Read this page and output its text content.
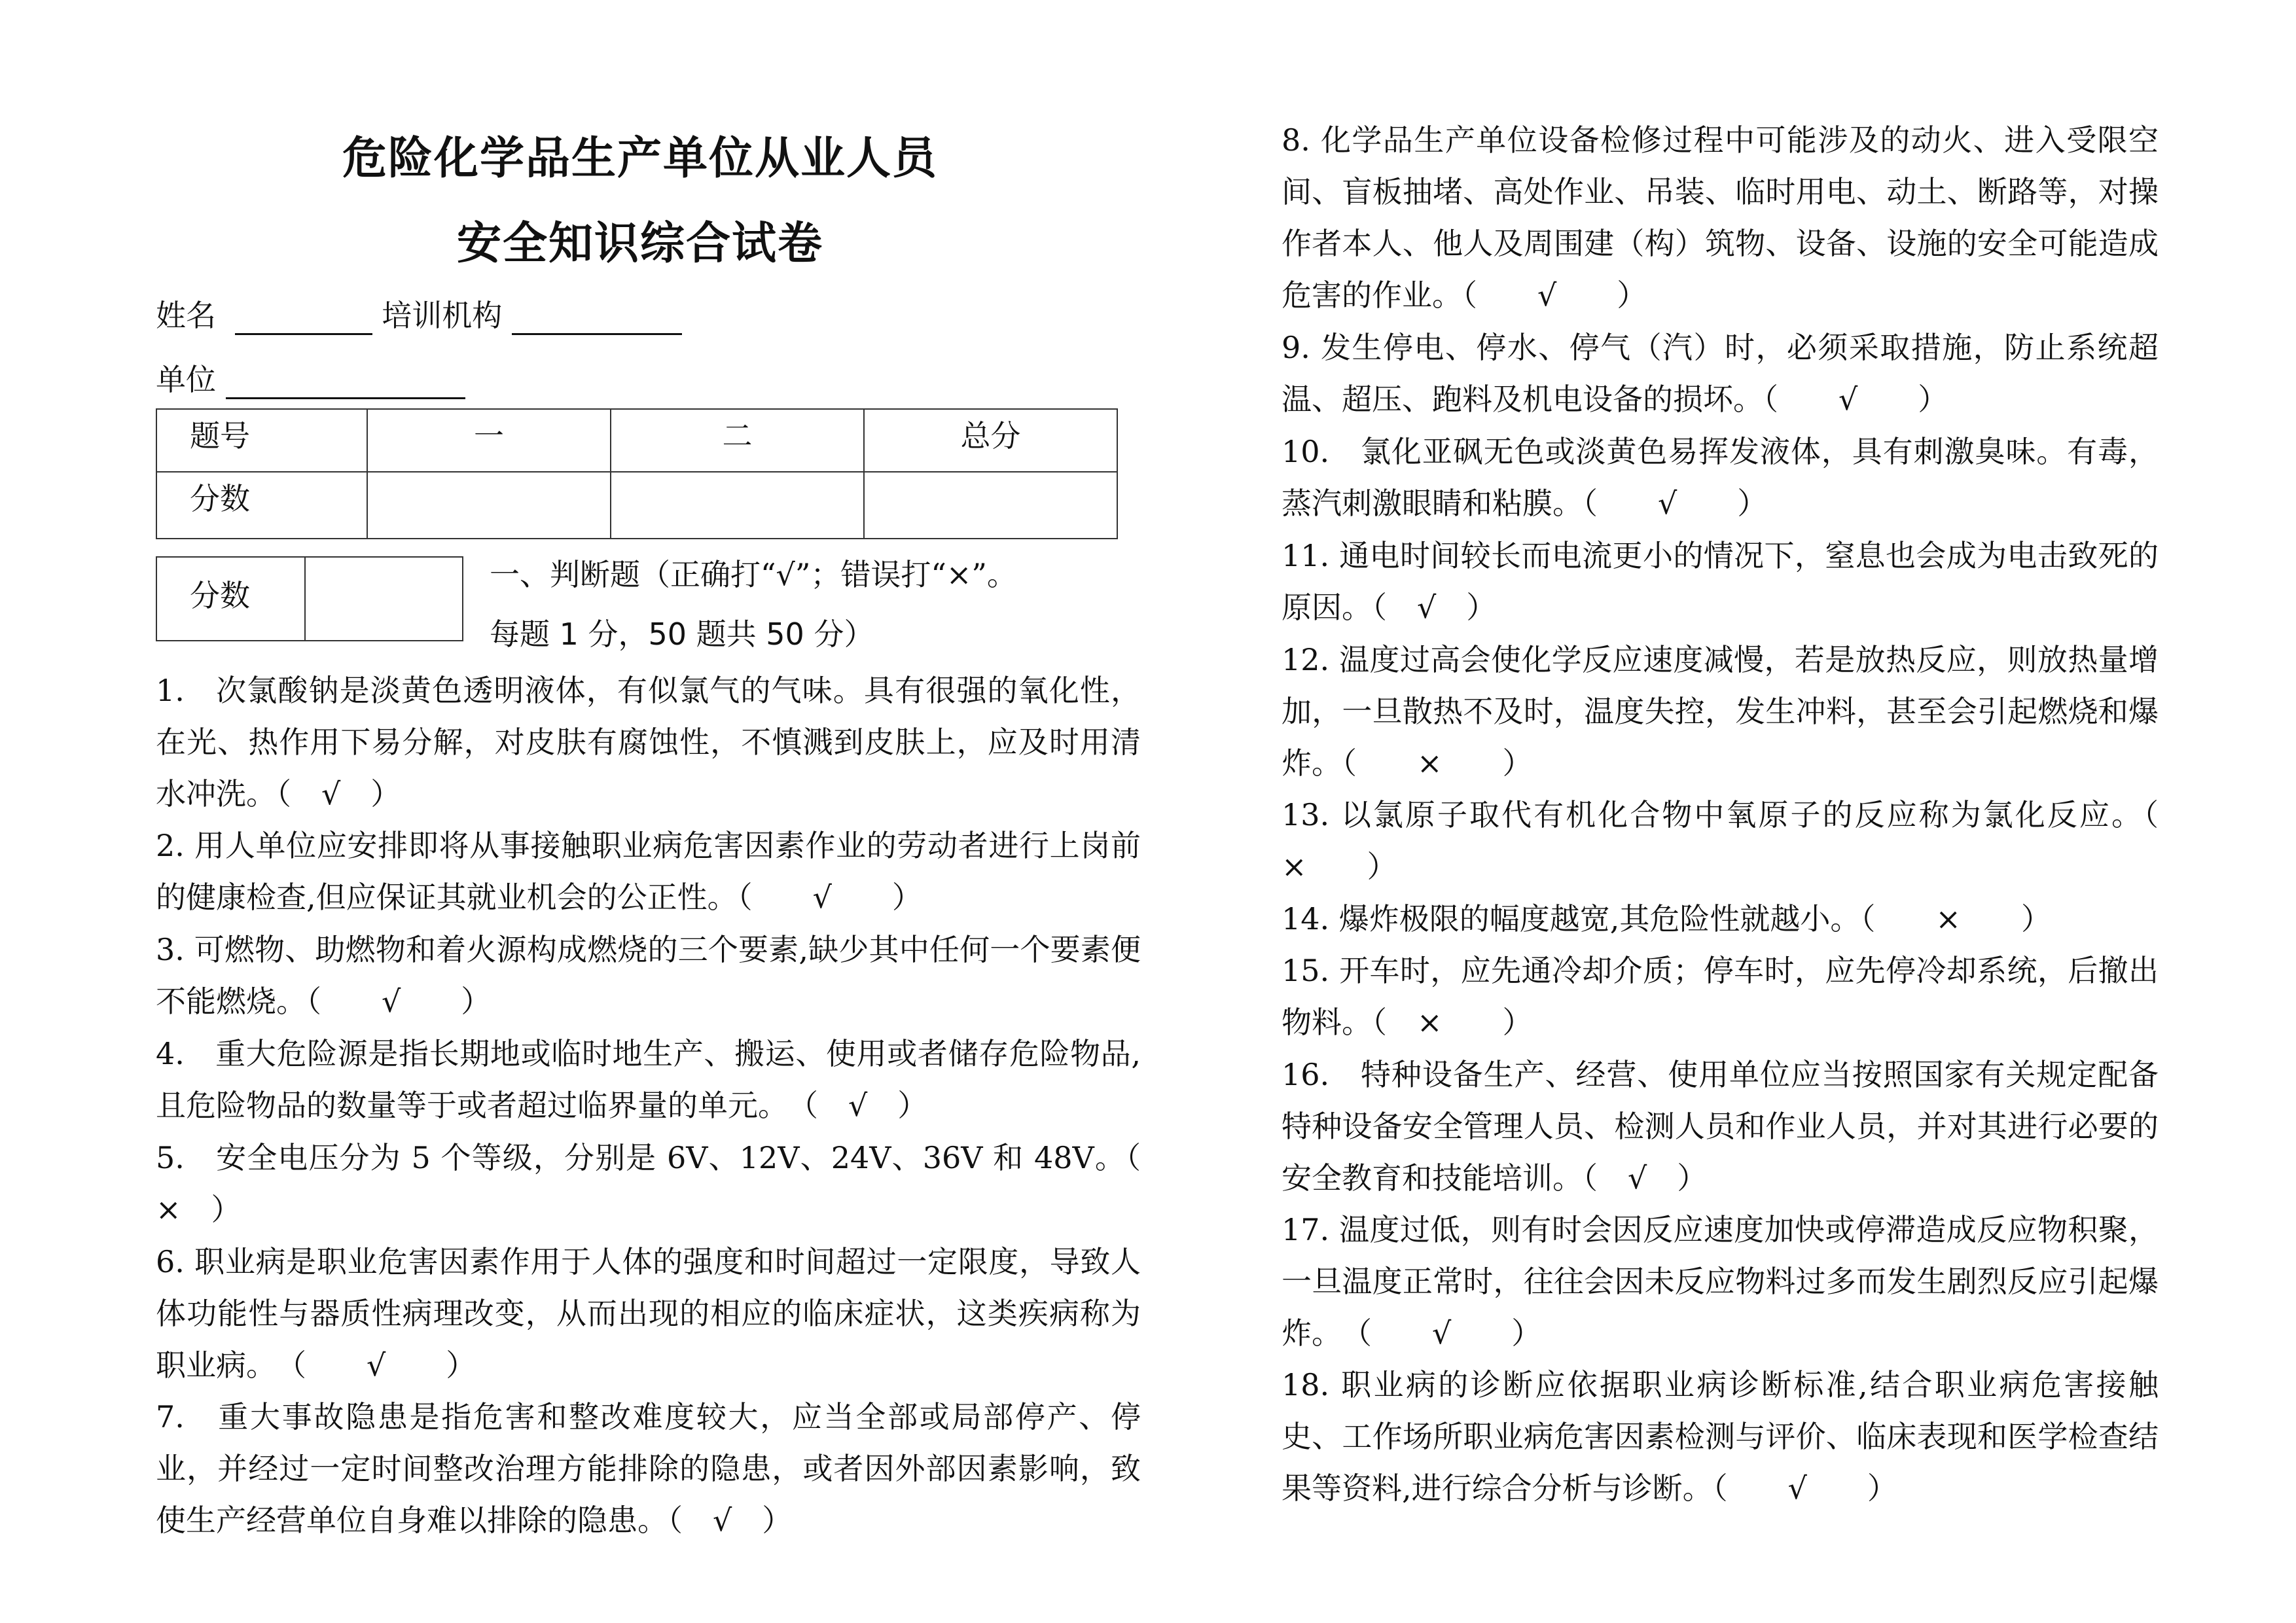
危险化学品生产单位从业人员
安全知识综合试卷
姓名	培训机构
单位
题号	一	二	总分
分数			
分数	
一、判断题（正确打“√”；错误打“×”。
每题 1 分，50 题共 50 分）
1.　次氯酸钠是淡黄色透明液体，有似氯气的气味。具有很强的氧化性，在光、热作用下易分解，对皮肤有腐蚀性，不慎溅到皮肤上，应及时用清水冲洗。（　√　）
2. 用人单位应安排即将从事接触职业病危害因素作业的劳动者进行上岗前的健康检查,但应保证其就业机会的公正性。（　　√　　）
3. 可燃物、助燃物和着火源构成燃烧的三个要素,缺少其中任何一个要素便不能燃烧。（　　√　　）
4.　重大危险源是指长期地或临时地生产、搬运、使用或者储存危险物品,且危险物品的数量等于或者超过临界量的单元。　（　√　）
5.　安全电压分为 5 个等级，分别是 6V、12V、24V、36V 和 48V。（　×　）
6. 职业病是职业危害因素作用于人体的强度和时间超过一定限度，导致人体功能性与器质性病理改变，从而出现的相应的临床症状，这类疾病称为职业病。　（　　√　　）
7.　重大事故隐患是指危害和整改难度较大，应当全部或局部停产、停业，并经过一定时间整改治理方能排除的隐患，或者因外部因素影响，致使生产经营单位自身难以排除的隐患。（　√　）
8. 化学品生产单位设备检修过程中可能涉及的动火、进入受限空间、盲板抽堵、高处作业、吊装、临时用电、动土、断路等，对操作者本人、他人及周围建（构）筑物、设备、设施的安全可能造成危害的作业。（　　√　　）
9. 发生停电、停水、停气（汽）时，必须采取措施，防止系统超温、超压、跑料及机电设备的损坏。（　　√　　）
10.　氯化亚砜无色或淡黄色易挥发液体，具有刺激臭味。有毒，蒸汽刺激眼睛和粘膜。（　　√　　）
11. 通电时间较长而电流更小的情况下，窒息也会成为电击致死的原因。（　√　）
12. 温度过高会使化学反应速度减慢，若是放热反应，则放热量增加，一旦散热不及时，温度失控，发生冲料，甚至会引起燃烧和爆炸。（　　×　　）
13. 以氯原子取代有机化合物中氧原子的反应称为氯化反应。（　　×　　）
14. 爆炸极限的幅度越宽,其危险性就越小。（　　×　　）
15. 开车时，应先通冷却介质；停车时，应先停冷却系统，后撤出物料。（　×　　）
16.　特种设备生产、经营、使用单位应当按照国家有关规定配备特种设备安全管理人员、检测人员和作业人员，并对其进行必要的安全教育和技能培训。（　√　）
17. 温度过低，则有时会因反应速度加快或停滞造成反应物积聚，一旦温度正常时，往往会因未反应物料过多而发生剧烈反应引起爆炸。　（　　√　　）
18. 职业病的诊断应依据职业病诊断标准,结合职业病危害接触史、工作场所职业病危害因素检测与评价、临床表现和医学检查结果等资料,进行综合分析与诊断。（　　√　　）
